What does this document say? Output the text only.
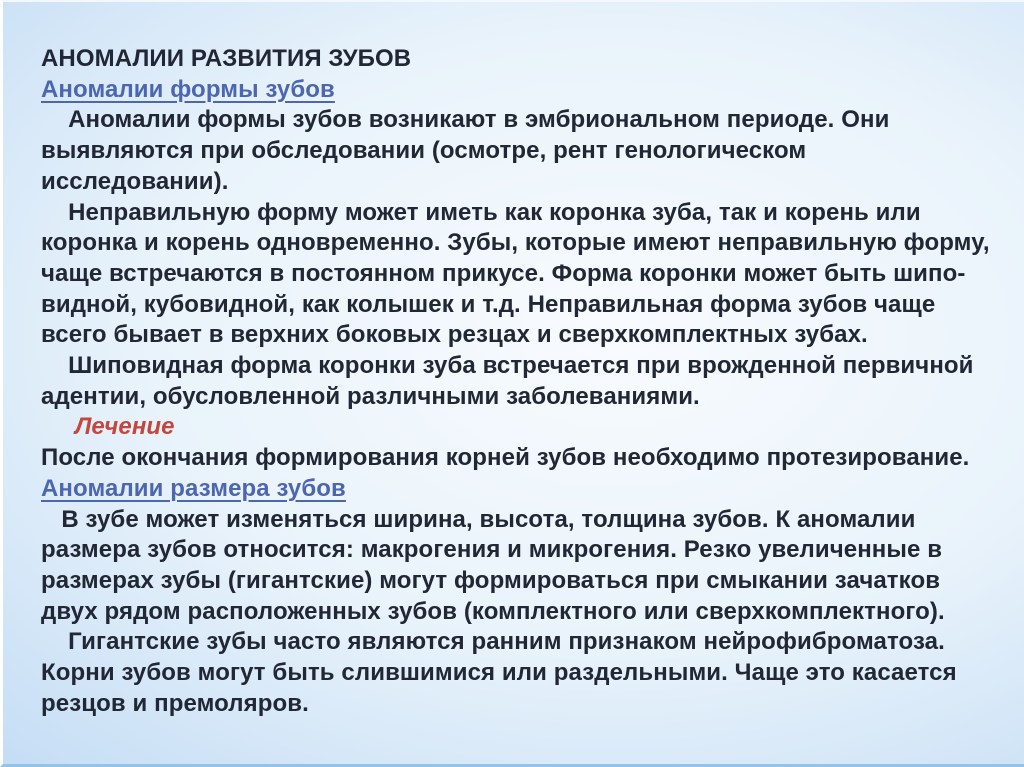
АНОМАЛИИ РАЗВИТИЯ ЗУБОВ
Аномалии формы зубов
Аномалии формы зубов возникают в эмбриональном периоде. Они
выявляются при обследовании (осмотре, рент генологическом
исследовании).
Неправильную форму может иметь как коронка зуба, так и корень или
коронка и корень одновременно. Зубы, которые имеют неправильную форму,
чаще встречаются в постоянном прикусе. Форма коронки может быть шипо-
видной, кубовидной, как колышек и т.д. Неправильная форма зубов чаще
всего бывает в верхних боковых резцах и сверхкомплектных зубах.
Шиповидная форма коронки зуба встречается при врожденной первичной
адентии, обусловленной различными заболеваниями.
Лечение
После окончания формирования корней зубов необходимо протезирование.
Аномалии размера зубов
В зубе может изменяться ширина, высота, толщина зубов. К аномалии
размера зубов относится: макрогения и микрогения. Резко увеличенные в
размерах зубы (гигантские) могут формироваться при смыкании зачатков
двух рядом расположенных зубов (комплектного или сверхкомплектного).
Гигантские зубы часто являются ранним признаком нейрофиброматоза.
Корни зубов могут быть слившимися или раздельными. Чаще это касается
резцов и премоляров.
